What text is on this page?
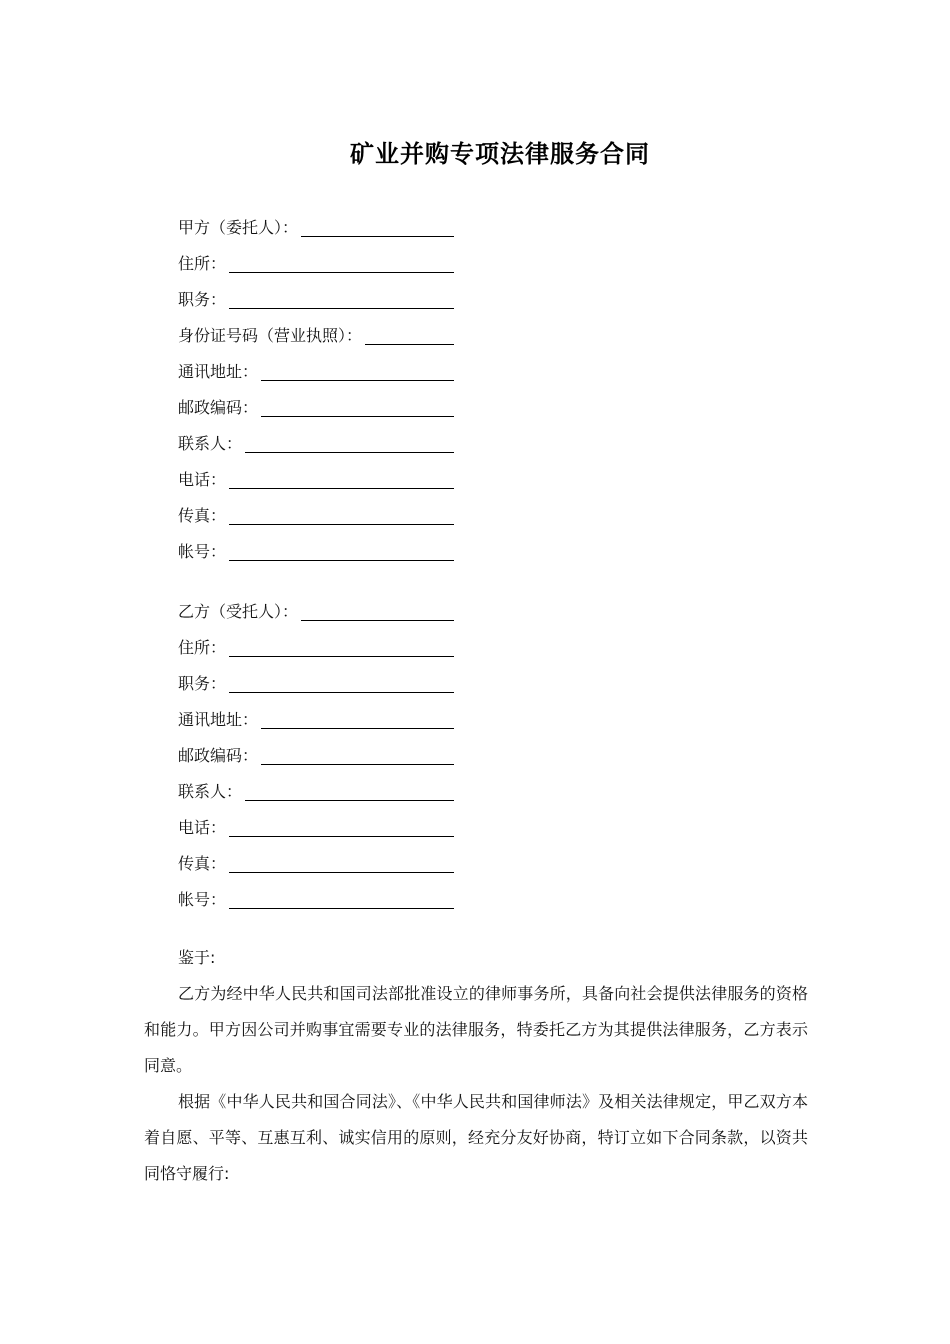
矿业并购专项法律服务合同
甲方（委托人）：
住所：
职务：
身份证号码（营业执照）：
通讯地址：
邮政编码：
联系人：
电话：
传真：
帐号：
乙方（受托人）：
住所：
职务：
通讯地址：
邮政编码：
联系人：
电话：
传真：
帐号：
鉴于:

乙方为经中华人民共和国司法部批准设立的律师事务所，具备向社会提供法律服务的资格和能力。甲方因公司并购事宜需要专业的法律服务，特委托乙方为其提供法律服务，乙方表示同意。

根据《中华人民共和国合同法》、《中华人民共和国律师法》及相关法律规定，甲乙双方本着自愿、平等、互惠互利、诚实信用的原则，经充分友好协商，特订立如下合同条款，以资共同恪守履行:
